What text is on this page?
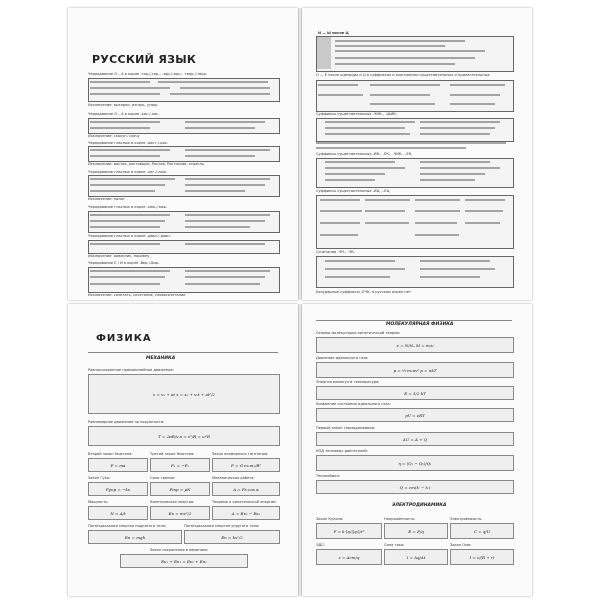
РУССКИЙ ЯЗЫК
Чередование О – А в корне -гар-/-гор-; -зар-/-зор-; -твар-/-твор-
Исключение: выгарки, изгарь, угарь
Чередование О – А в корне -кос-/-кас-
Исключение: скакун, скачу
Чередование гласных в корне -раст-/-рос-
Исключение: росток, ростовщик, Ростов, Ростислав, отрасль
Чередование гласных в корне -лаг-/-лож-
Исключение: полог
Чередование гласных в корне -мак-/-мок-
Чередование гласных в корне -равн-/-ровн-
Исключение: ровесник, поровну
Чередование Е / И в корне -бер-/-бир-
Исключение: сочетать, сочетание, словосочетание
И — Ы после Ц
О — Ё после шипящих и Ц в суффиксах и окончаниях существительных и прилагательных
Суффиксы существительных -ЧИК-, -ЩИК-
Суффиксы существительных -ИК-, -ЕК-, -ЧИК-, -ЕК-
Суффиксы существительных -ИЦ-, -ЕЦ-
Сочетания -ЧН-, -ЧК-
Безударные суффиксы -ЕЧК- в русском языке нет
ФИЗИКА
МЕХАНИКА
Равноускоренное прямолинейное движение:
v = v₀ + at x = x₀ + v₀t + at²/2
Равномерное движение по окружности:
T = 2πR/v a = v²/R = ω²R
Второй закон Ньютона:	Третий закон Ньютона:	Закон всемирного тяготения:
F = ma	F₁ = −F₂	F = G·m₁m₂/R²
Закон Гука:	Сила трения:	Механическая работа:
Fупр = −kx	Fтр = μN	A = Fs·cos α
Мощность:	Кинетическая энергия:	Теорема о кинетической энергии:
N = A/t	Eк = mv²/2	A = Eк₂ − Eк₁
Потенциальная энергия поднятого тела:	Потенциальная энергия упругого тела:
Eп = mgh	Eп = kx²/2
Закон сохранения в механике:
Eк₁ + Eп₁ = Eк₂ + Eп₂
МОЛЕКУЛЯРНАЯ ФИЗИКА
Основы молекулярно-кинетической теории:
ν = N/Nₐ M = m/ν
Давление идеального газа:
p = ⅓·m₀nv² p = nkT
Энергия молекул и температура:
E = 3/2·kT
Уравнение состояния идеального газа:
pV = νRT
Первый закон термодинамики:
ΔU = A + Q
КПД тепловых двигателей:
η = (Q₁ − Q₂)/Q₁
Теплообмен:
Q = cm(t₂ − t₁)
ЭЛЕКТРОДИНАМИКА
Закон Кулона:	Напряжённость:	Электроёмкость:
F = k·|q₁||q₂|/r²	E = F/q	C = q/U
ЭДС:	Сила тока:	Закон Ома:
ε = Aст/q	I = Δq/Δt	I = ε/(R + r)
